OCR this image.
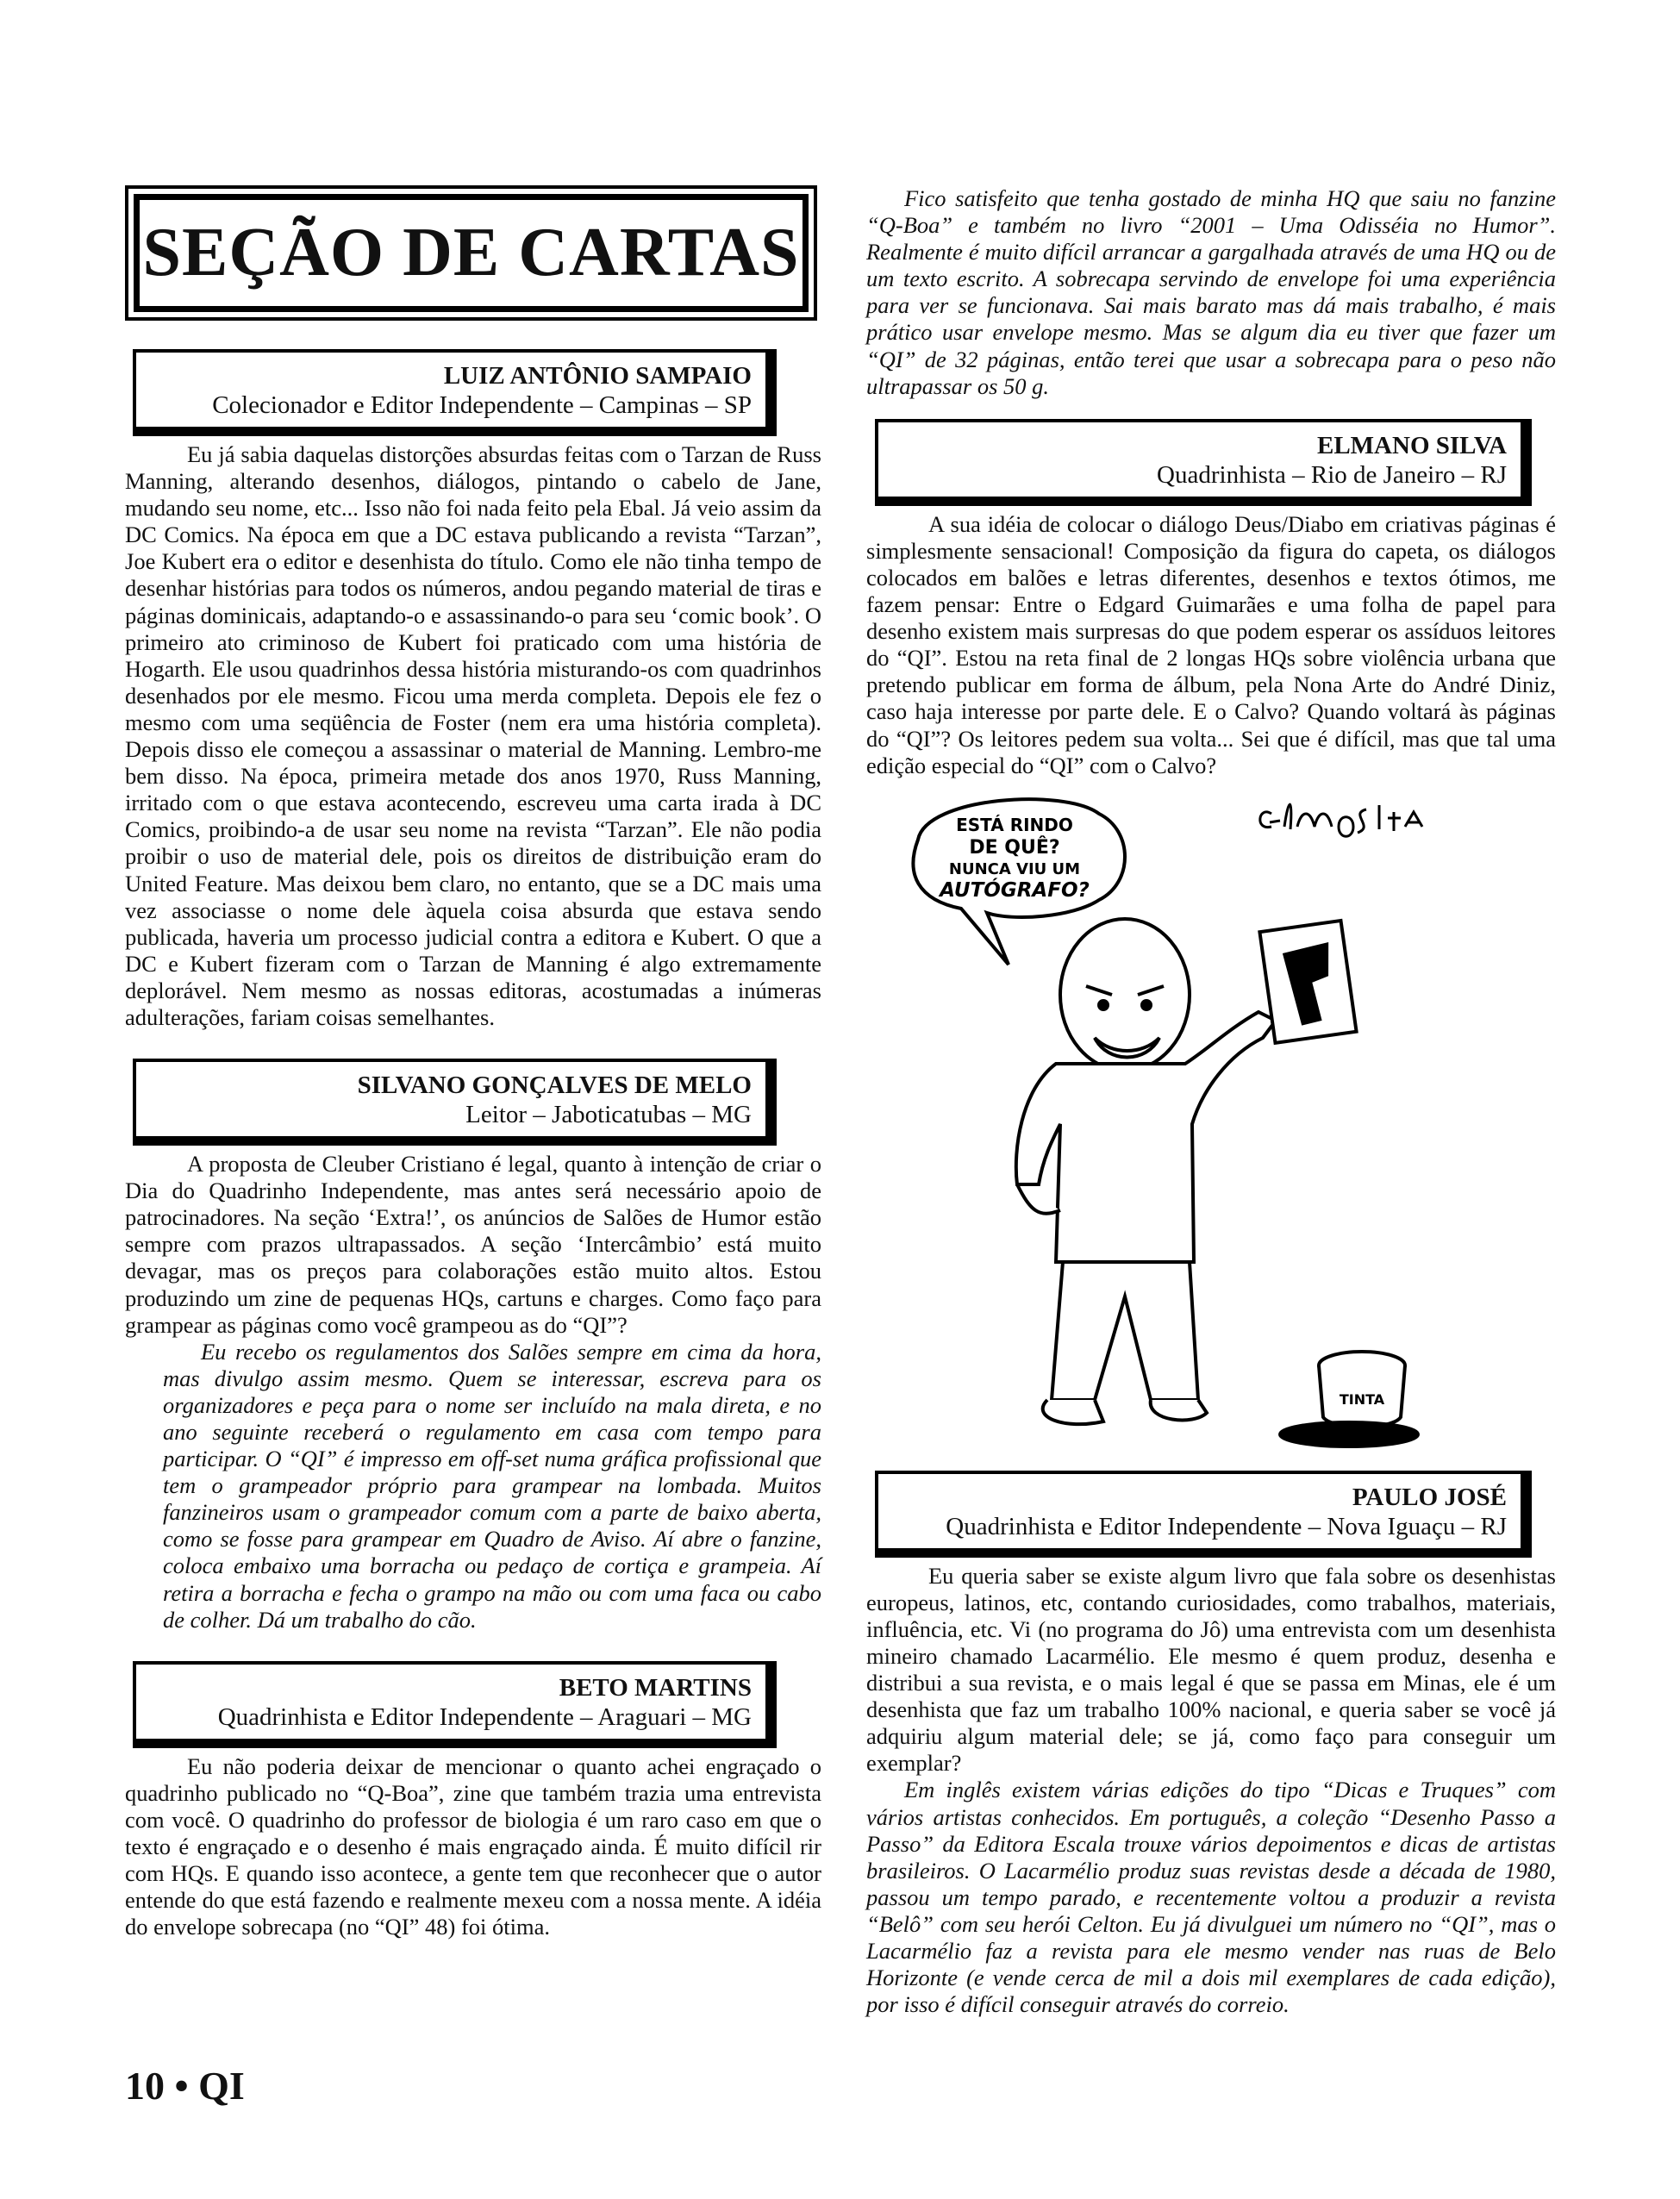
SEÇÃO DE CARTAS
LUIZ ANTÔNIO SAMPAIO
Colecionador e Editor Independente – Campinas – SP

Eu já sabia daquelas distorções absurdas feitas com o Tarzan de Russ Manning, alterando desenhos, diálogos, pintando o cabelo de Jane, mudando seu nome, etc... Isso não foi nada feito pela Ebal. Já veio assim da DC Comics. Na época em que a DC estava publicando a revista “Tarzan”, Joe Kubert era o editor e desenhista do título. Como ele não tinha tempo de desenhar histórias para todos os números, andou pegando material de tiras e páginas dominicais, adaptando-o e assassinando-o para seu ‘comic book’. O primeiro ato criminoso de Kubert foi praticado com uma história de Hogarth. Ele usou quadrinhos dessa história misturando-os com quadrinhos desenhados por ele mesmo. Ficou uma merda completa. Depois ele fez o mesmo com uma seqüência de Foster (nem era uma história completa). Depois disso ele começou a assassinar o material de Manning. Lembro-me bem disso. Na época, primeira metade dos anos 1970, Russ Manning, irritado com o que estava acontecendo, escreveu uma carta irada à DC Comics, proibindo-a de usar seu nome na revista “Tarzan”. Ele não podia proibir o uso de material dele, pois os direitos de distribuição eram do United Feature. Mas deixou bem claro, no entanto, que se a DC mais uma vez associasse o nome dele àquela coisa absurda que estava sendo publicada, haveria um processo judicial contra a editora e Kubert. O que a DC e Kubert fizeram com o Tarzan de Manning é algo extremamente deplorável. Nem mesmo as nossas editoras, acostumadas a inúmeras adulterações, fariam coisas semelhantes.

SILVANO GONÇALVES DE MELO
Leitor – Jaboticatubas – MG

A proposta de Cleuber Cristiano é legal, quanto à intenção de criar o Dia do Quadrinho Independente, mas antes será necessário apoio de patrocinadores. Na seção ‘Extra!’, os anúncios de Salões de Humor estão sempre com prazos ultrapassados. A seção ‘Intercâmbio’ está muito devagar, mas os preços para colaborações estão muito altos. Estou produzindo um zine de pequenas HQs, cartuns e charges. Como faço para grampear as páginas como você grampeou as do “QI”?

Eu recebo os regulamentos dos Salões sempre em cima da hora, mas divulgo assim mesmo. Quem se interessar, escreva para os organizadores e peça para o nome ser incluído na mala direta, e no ano seguinte receberá o regulamento em casa com tempo para participar. O “QI” é impresso em off-set numa gráfica profissional que tem o grampeador próprio para grampear na lombada. Muitos fanzineiros usam o grampeador comum com a parte de baixo aberta, como se fosse para grampear em Quadro de Aviso. Aí abre o fanzine, coloca embaixo uma borracha ou pedaço de cortiça e grampeia. Aí retira a borracha e fecha o grampo na mão ou com uma faca ou cabo de colher. Dá um trabalho do cão.

BETO MARTINS
Quadrinhista e Editor Independente – Araguari – MG

Eu não poderia deixar de mencionar o quanto achei engraçado o quadrinho publicado no “Q-Boa”, zine que também trazia uma entrevista com você. O quadrinho do professor de biologia é um raro caso em que o texto é engraçado e o desenho é mais engraçado ainda. É muito difícil rir com HQs. E quando isso acontece, a gente tem que reconhecer que o autor entende do que está fazendo e realmente mexeu com a nossa mente. A idéia do envelope sobrecapa (no “QI” 48) foi ótima.

Fico satisfeito que tenha gostado de minha HQ que saiu no fanzine “Q-Boa” e também no livro “2001 – Uma Odisséia no Humor”. Realmente é muito difícil arrancar a gargalhada através de uma HQ ou de um texto escrito. A sobrecapa servindo de envelope foi uma experiência para ver se funcionava. Sai mais barato mas dá mais trabalho, é mais prático usar envelope mesmo. Mas se algum dia eu tiver que fazer um “QI” de 32 páginas, então terei que usar a sobrecapa para o peso não ultrapassar os 50 g.

ELMANO SILVA
Quadrinhista – Rio de Janeiro – RJ

A sua idéia de colocar o diálogo Deus/Diabo em criativas páginas é simplesmente sensacional! Composição da figura do capeta, os diálogos colocados em balões e letras diferentes, desenhos e textos ótimos, me fazem pensar: Entre o Edgard Guimarães e uma folha de papel para desenho existem mais surpresas do que podem esperar os assíduos leitores do “QI”. Estou na reta final de 2 longas HQs sobre violência urbana que pretendo publicar em forma de álbum, pela Nona Arte do André Diniz, caso haja interesse por parte dele. E o Calvo? Quando voltará às páginas do “QI”? Os leitores pedem sua volta... Sei que é difícil, mas que tal uma edição especial do “QI” com o Calvo?

ESTÁ RINDO
DE QUÊ?
NUNCA VIU UM
AUTÓGRAFO?
TINTA
PAULO JOSÉ
Quadrinhista e Editor Independente – Nova Iguaçu – RJ

Eu queria saber se existe algum livro que fala sobre os desenhistas europeus, latinos, etc, contando curiosidades, como trabalhos, materiais, influência, etc. Vi (no programa do Jô) uma entrevista com um desenhista mineiro chamado Lacarmélio. Ele mesmo é quem produz, desenha e distribui a sua revista, e o mais legal é que se passa em Minas, ele é um desenhista que faz um trabalho 100% nacional, e queria saber se você já adquiriu algum material dele; se já, como faço para conseguir um exemplar?

Em inglês existem várias edições do tipo “Dicas e Truques” com vários artistas conhecidos. Em português, a coleção “Desenho Passo a Passo” da Editora Escala trouxe vários depoimentos e dicas de artistas brasileiros. O Lacarmélio produz suas revistas desde a década de 1980, passou um tempo parado, e recentemente voltou a produzir a revista “Belô” com seu herói Celton. Eu já divulguei um número no “QI”, mas o Lacarmélio faz a revista para ele mesmo vender nas ruas de Belo Horizonte (e vende cerca de mil a dois mil exemplares de cada edição), por isso é difícil conseguir através do correio.

10 • QI
